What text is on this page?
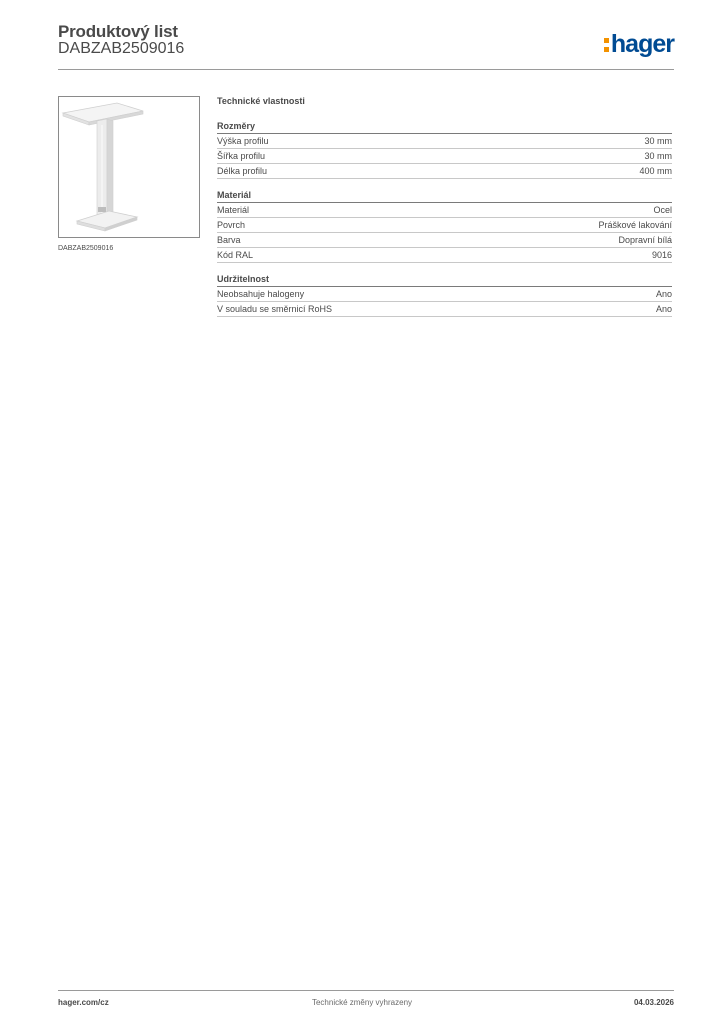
Produktový list
DABZAB2509016	hager
DABZAB2509016
Technické vlastnosti
Rozměry
Výška profilu	30 mm
Šířka profilu	30 mm
Délka profilu	400 mm
Materiál
Materiál	Ocel
Povrch	Práškové lakování
Barva	Dopravní bílá
Kód RAL	9016
Udržitelnost
Neobsahuje halogeny	Ano
V souladu se směrnicí RoHS	Ano
hager.com/cz	Technické změny vyhrazeny	04.03.2026
